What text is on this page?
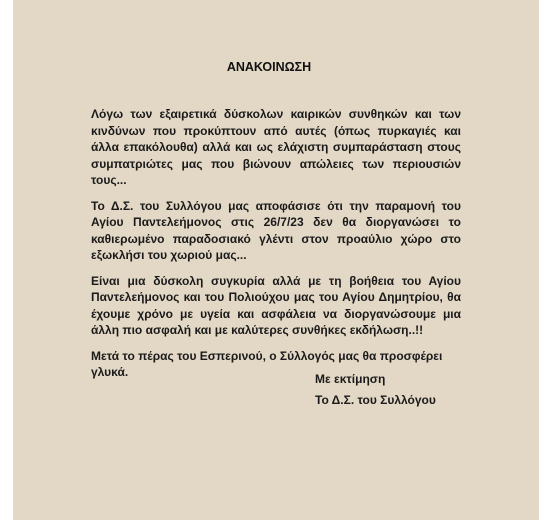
ΑΝΑΚΟΙΝΩΣΗ

Λόγω των εξαιρετικά δύσκολων καιρικών συνθηκών και των κινδύνων που προκύπτουν από αυτές (όπως πυρκαγιές και άλλα επακόλουθα) αλλά και ως ελάχιστη συμπαράσταση στους συμπατριώτες μας που βιώνουν απώλειες των περιουσιών τους...

Το Δ.Σ. του Συλλόγου μας αποφάσισε ότι την παραμονή του Αγίου Παντελεήμονος στις 26/7/23 δεν θα διοργανώσει το καθιερωμένο παραδοσιακό γλέντι στον προαύλιο χώρο στο εξωκλήσι του χωριού μας...

Είναι μια δύσκολη συγκυρία αλλά με τη βοήθεια του Αγίου Παντελεήμονος και του Πολιούχου μας του Αγίου Δημητρίου, θα έχουμε χρόνο με υγεία και ασφάλεια να διοργανώσουμε μια άλλη πιο ασφαλή και με καλύτερες συνθήκες εκδήλωση..!!

Μετά το πέρας του Εσπερινού, ο Σύλλογός μας θα προσφέρει γλυκά.	Με εκτίμηση
Το Δ.Σ. του Συλλόγου
